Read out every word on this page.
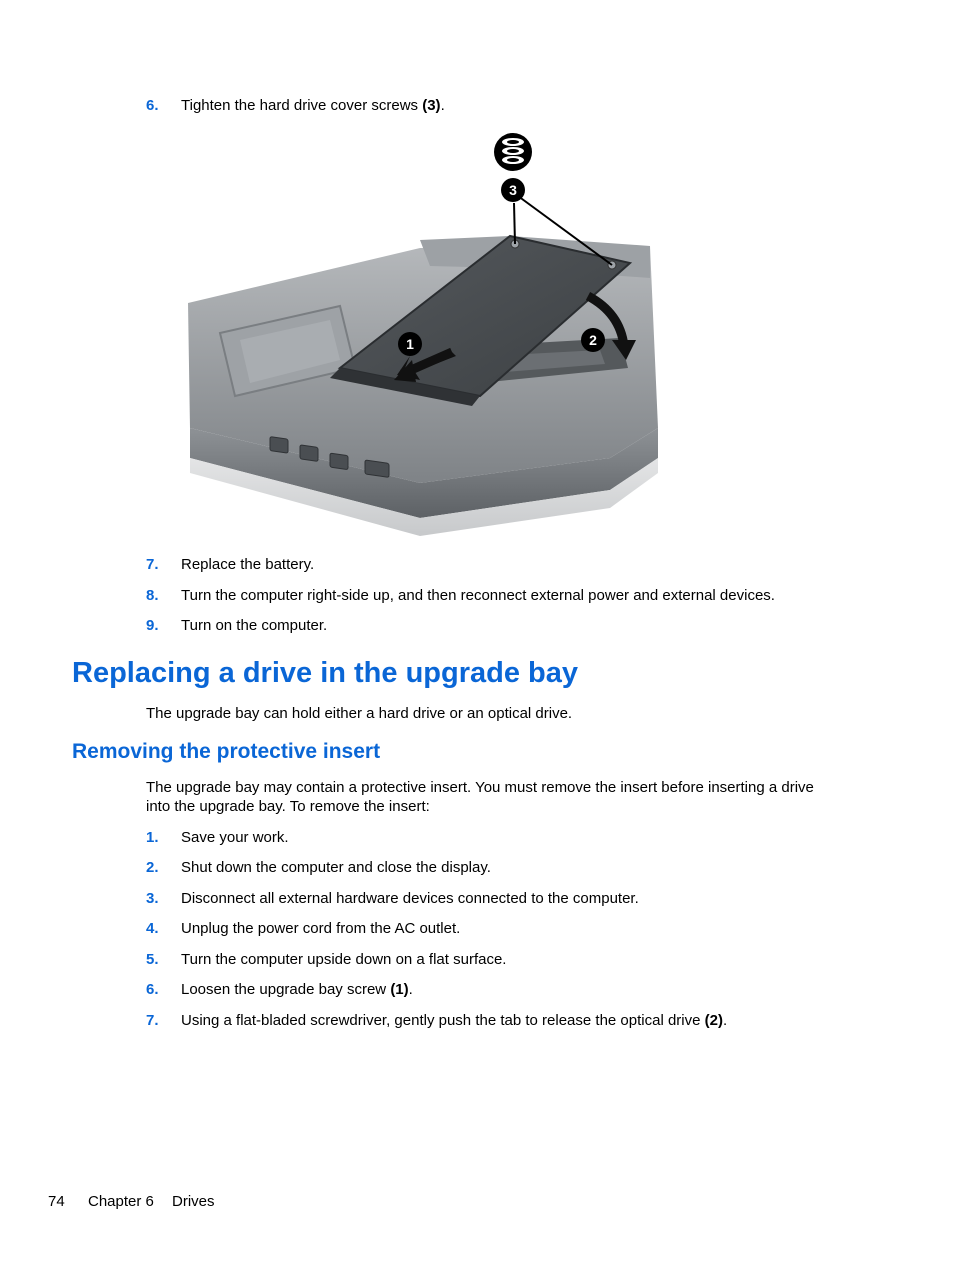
6. Tighten the hard drive cover screws (3).
1	2
3
7. Replace the battery.
8. Turn the computer right-side up, and then reconnect external power and external devices.
9. Turn on the computer.
Replacing a drive in the upgrade bay

The upgrade bay can hold either a hard drive or an optical drive.

Removing the protective insert

The upgrade bay may contain a protective insert. You must remove the insert before inserting a drive
into the upgrade bay. To remove the insert:

1. Save your work.
2. Shut down the computer and close the display.
3. Disconnect all external hardware devices connected to the computer.
4. Unplug the power cord from the AC outlet.
5. Turn the computer upside down on a flat surface.
6. Loosen the upgrade bay screw (1).
7. Using a flat-bladed screwdriver, gently push the tab to release the optical drive (2).
74 Chapter 6 Drives
